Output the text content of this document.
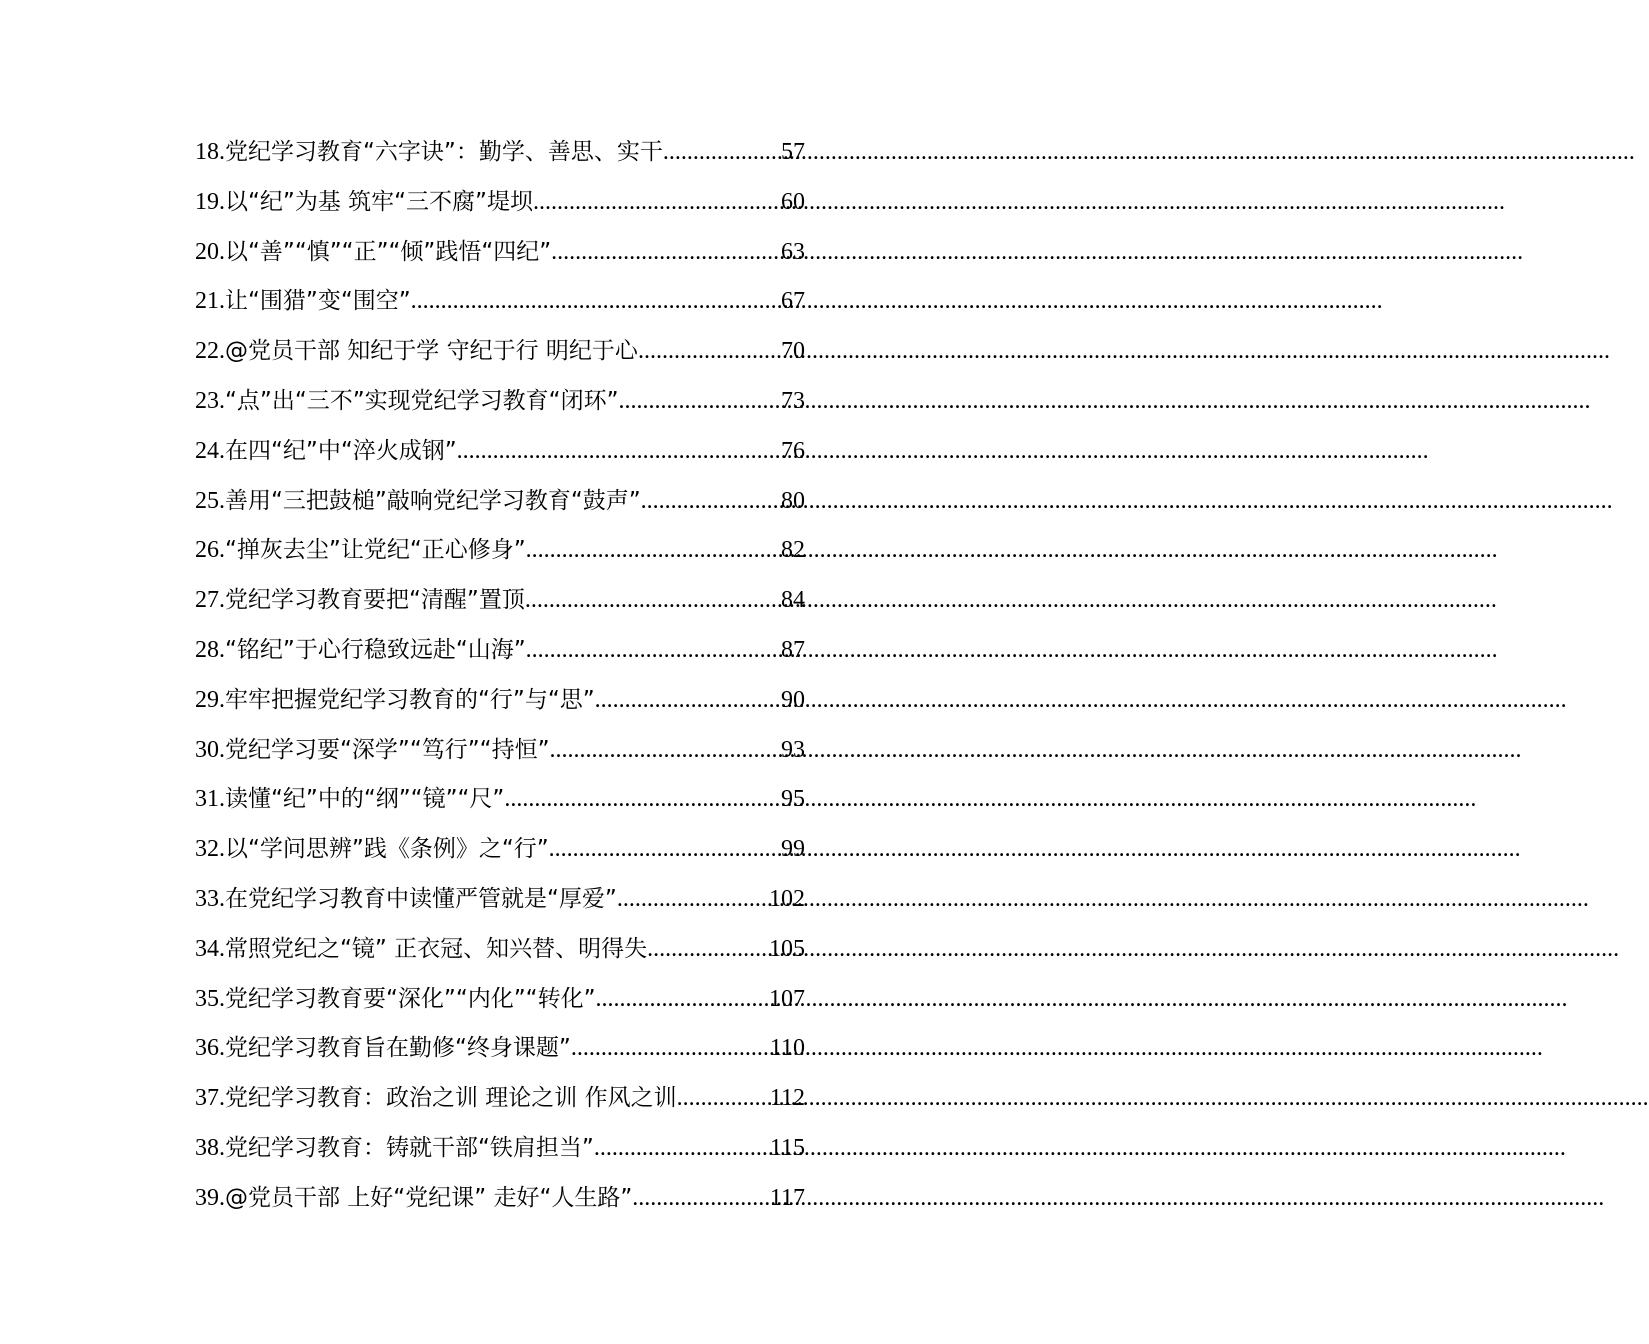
18. 党纪学习教育“六字诀”：勤学、善思、实干 .....	57
19. 以“纪”为基 筑牢“三不腐”堤坝 .....	60
20. 以“善”“慎”“正”“倾”践悟“四纪” .....	63
21. 让“围猎”变“围空” .....	67
22. @党员干部 知纪于学 守纪于行 明纪于心 .....	70
23. “点”出“三不”实现党纪学习教育“闭环” .....	73
24. 在四“纪”中“淬火成钢” .....	76
25. 善用“三把鼓槌”敲响党纪学习教育“鼓声” .....	80
26. “掸灰去尘”让党纪“正心修身” .....	82
27. 党纪学习教育要把“清醒”置顶 .....	84
28. “铭纪”于心行稳致远赴“山海” .....	87
29. 牢牢把握党纪学习教育的“行”与“思” .....	90
30. 党纪学习要“深学”“笃行”“持恒” .....	93
31. 读懂“纪”中的“纲”“镜”“尺” .....	95
32. 以“学问思辨”践《条例》之“行” .....	99
33. 在党纪学习教育中读懂严管就是“厚爱” .....	102
34. 常照党纪之“镜” 正衣冠、知兴替、明得失 .....	105
35. 党纪学习教育要“深化”“内化”“转化” .....	107
36. 党纪学习教育旨在勤修“终身课题” .....	110
37. 党纪学习教育：政治之训 理论之训 作风之训 .....	112
38. 党纪学习教育：铸就干部“铁肩担当” .....	115
39. @党员干部 上好“党纪课” 走好“人生路” .....	117
